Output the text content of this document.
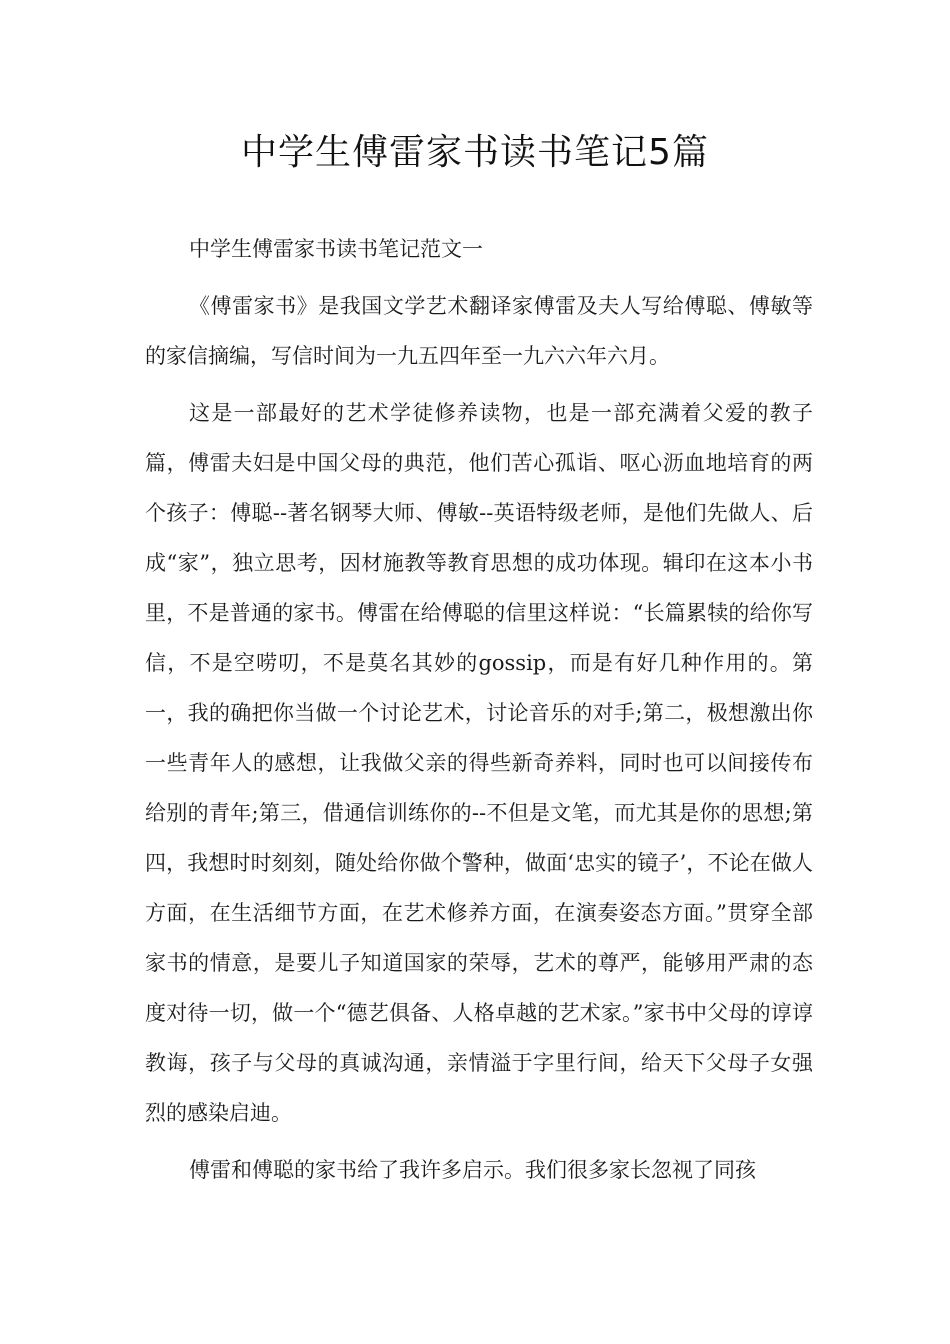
中学生傅雷家书读书笔记5篇

中学生傅雷家书读书笔记范文一

《傅雷家书》是我国文学艺术翻译家傅雷及夫人写给傅聪、傅敏等的家信摘编，写信时间为一九五四年至一九六六年六月。

这是一部最好的艺术学徒修养读物，也是一部充满着父爱的教子篇，傅雷夫妇是中国父母的典范，他们苦心孤诣、呕心沥血地培育的两个孩子：傅聪--著名钢琴大师、傅敏--英语特级老师，是他们先做人、后成“家”，独立思考，因材施教等教育思想的成功体现。辑印在这本小书里，不是普通的家书。傅雷在给傅聪的信里这样说：“长篇累犊的给你写信，不是空唠叨，不是莫名其妙的gossip，而是有好几种作用的。第一，我的确把你当做一个讨论艺术，讨论音乐的对手;第二，极想激出你一些青年人的感想，让我做父亲的得些新奇养料，同时也可以间接传布给别的青年;第三，借通信训练你的--不但是文笔，而尤其是你的思想;第四，我想时时刻刻，随处给你做个警种，做面‘忠实的镜子’，不论在做人方面，在生活细节方面，在艺术修养方面，在演奏姿态方面。”贯穿全部家书的情意，是要儿子知道国家的荣辱，艺术的尊严，能够用严肃的态度对待一切，做一个“德艺俱备、人格卓越的艺术家。”家书中父母的谆谆教诲，孩子与父母的真诚沟通，亲情溢于字里行间，给天下父母子女强烈的感染启迪。

傅雷和傅聪的家书给了我许多启示。我们很多家长忽视了同孩
